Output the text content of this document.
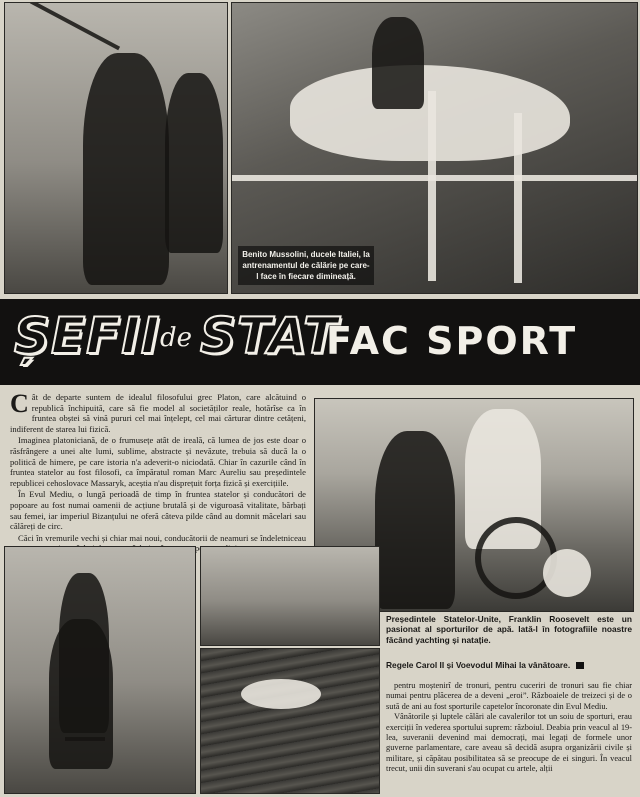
Benito Mussolini, ducele Italiei, la antrenamentul de călărie pe care-l face în fiecare dimineață.
ȘEFII de STAT
FAC SPORT

Cât de departe suntem de idealul filosofului grec Platon, care alcătuind o republică închipuită, care să fie model al societăților reale, hotărîse ca în fruntea obștei să vină pururi cel mai înțelept, cel mai cărturar dintre cetățeni, indiferent de starea lui fizică.

Imaginea platoniciană, de o frumusețe atât de ireală, că lumea de jos este doar o răsfrângere a unei alte lumi, sublime, abstracte și nevăzute, trebuia să ducă la o politică de himere, pe care istoria n'a adeverit-o niciodată. Chiar în cazurile când în fruntea statelor au fost filosofi, ca împăratul roman Marc Aureliu sau președintele republicei cehoslovace Massaryk, aceștia n'au disprețuit forța fizică și exercițiile.

În Evul Mediu, o lungă perioadă de timp în fruntea statelor și conducători de popoare au fost numai oamenii de acțiune brutală și de viguroasă vitalitate, bărbați sau femei, iar imperiul Bizanțului ne oferă câteva pilde când au domnit măcelari sau călăreți de circ.

Căci în vremurile vechi și chiar mai noui, conducătorii de neamuri se îndeletniceau

Președintele Statelor-Unite, Franklin Roosevelt este un pasionat al sporturilor de apă. Iată-l în fotografiile noastre făcând yachting și natație.
Regele Carol II și Voevodul Mihai la vânătoare.

pentru moștenirî de tronuri, pentru cuceriri de tronuri sau fie chiar numai pentru plăcerea de a deveni „eroi”. Războaiele de treizeci și de o sută de ani au fost sporturile capetelor încoronate din Evul Mediu.

Vânătorile și luptele călări ale cavalerilor tot un soiu de sporturi, erau exerciții în vederea sportului suprem: războiul. Deabia prin veacul al 19-lea, suveranii devenind mai democrați, mai legați de formele unor guverne parlamentare, care aveau să decidă asupra organizării civile și militare, și căpătau posibilitatea să se preocupe de ei singuri. În veacul trecut, unii din suverani s'au ocupat cu artele, alții
